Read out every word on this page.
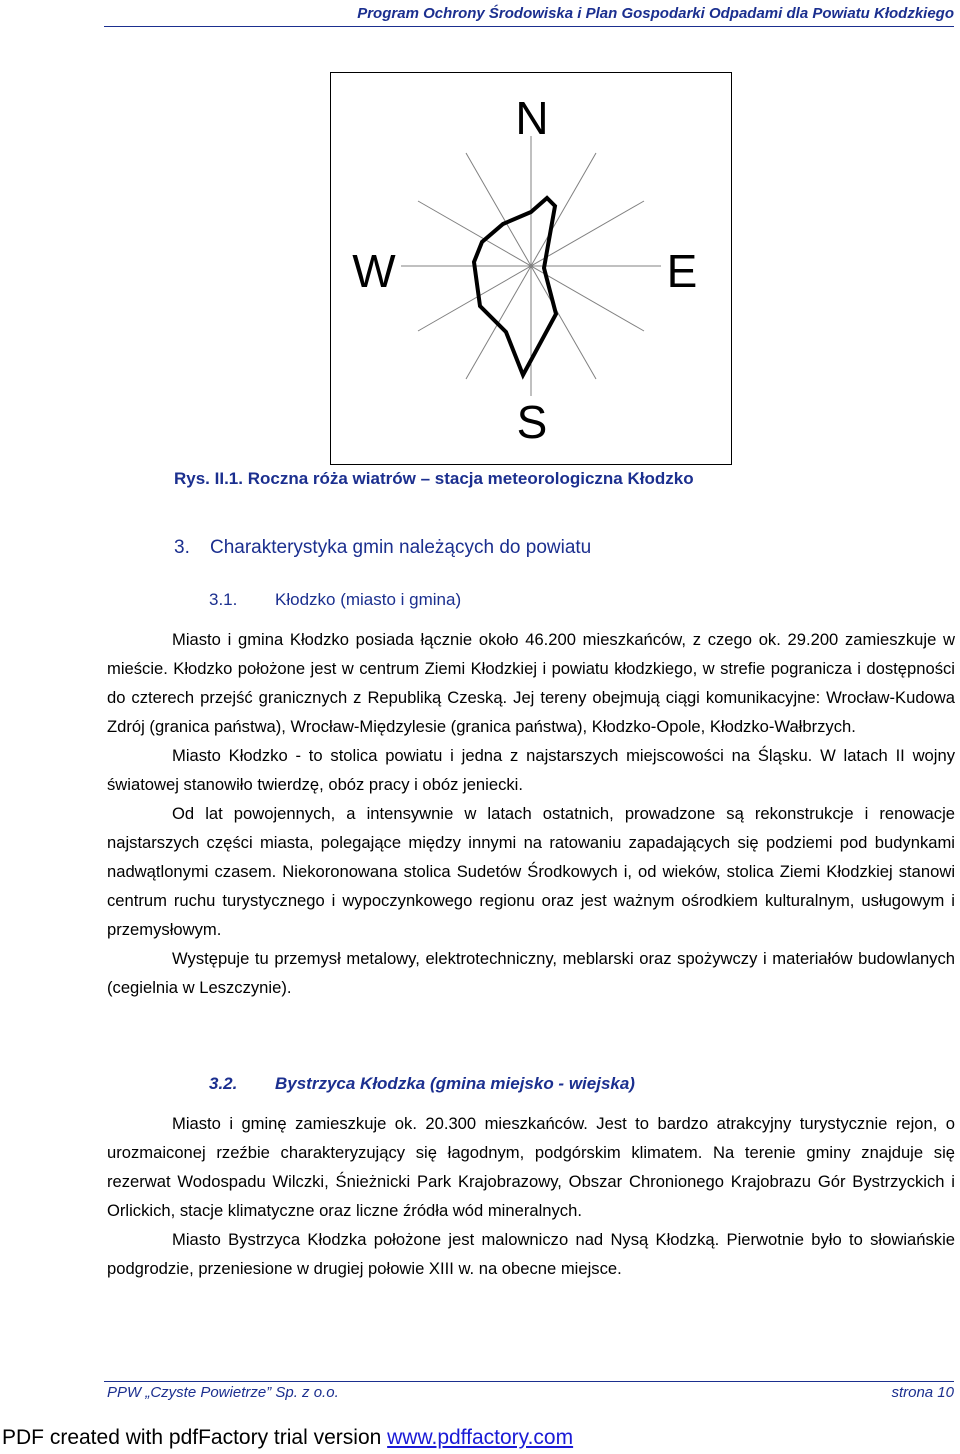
Program Ochrony Środowiska i Plan Gospodarki Odpadami dla Powiatu Kłodzkiego
N
S
W	E
Rys. II.1. Roczna róża wiatrów – stacja meteorologiczna Kłodzko
3. Charakterystyka gmin należących do powiatu
3.1. Kłodzko (miasto i gmina)

Miasto i gmina Kłodzko posiada łącznie około 46.200 mieszkańców, z czego ok. 29.200 zamieszkuje w mieście. Kłodzko położone jest w centrum Ziemi Kłodzkiej i powiatu kłodzkiego, w strefie pogranicza i dostępności do czterech przejść granicznych z Republiką Czeską. Jej tereny obejmują ciągi komunikacyjne: Wrocław-Kudowa Zdrój (granica państwa), Wrocław-Międzylesie (granica państwa), Kłodzko-Opole, Kłodzko-Wałbrzych.

Miasto Kłodzko - to stolica powiatu i jedna z najstarszych miejscowości na Śląsku. W latach II wojny światowej stanowiło twierdzę, obóz pracy i obóz jeniecki.

Od lat powojennych, a intensywnie w latach ostatnich, prowadzone są rekonstrukcje i renowacje najstarszych części miasta, polegające między innymi na ratowaniu zapadających się podziemi pod budynkami nadwątlonymi czasem. Niekoronowana stolica Sudetów Środkowych i, od wieków, stolica Ziemi Kłodzkiej stanowi centrum ruchu turystycznego i wypoczynkowego regionu oraz jest ważnym ośrodkiem kulturalnym, usługowym i przemysłowym.

Występuje tu przemysł metalowy, elektrotechniczny, meblarski oraz spożywczy i materiałów budowlanych (cegielnia w Leszczynie).

3.2. Bystrzyca Kłodzka (gmina miejsko - wiejska)

Miasto i gminę zamieszkuje ok. 20.300 mieszkańców. Jest to bardzo atrakcyjny turystycznie rejon, o urozmaiconej rzeźbie charakteryzujący się łagodnym, podgórskim klimatem. Na terenie gminy znajduje się rezerwat Wodospadu Wilczki, Śnieżnicki Park Krajobrazowy, Obszar Chronionego Krajobrazu Gór Bystrzyckich i Orlickich, stacje klimatyczne oraz liczne źródła wód mineralnych.

Miasto Bystrzyca Kłodzka położone jest malowniczo nad Nysą Kłodzką. Pierwotnie było to słowiańskie podgrodzie, przeniesione w drugiej połowie XIII w. na obecne miejsce.

PPW „Czyste Powietrze” Sp. z o.o.	strona 10
PDF created with pdfFactory trial version www.pdffactory.com
